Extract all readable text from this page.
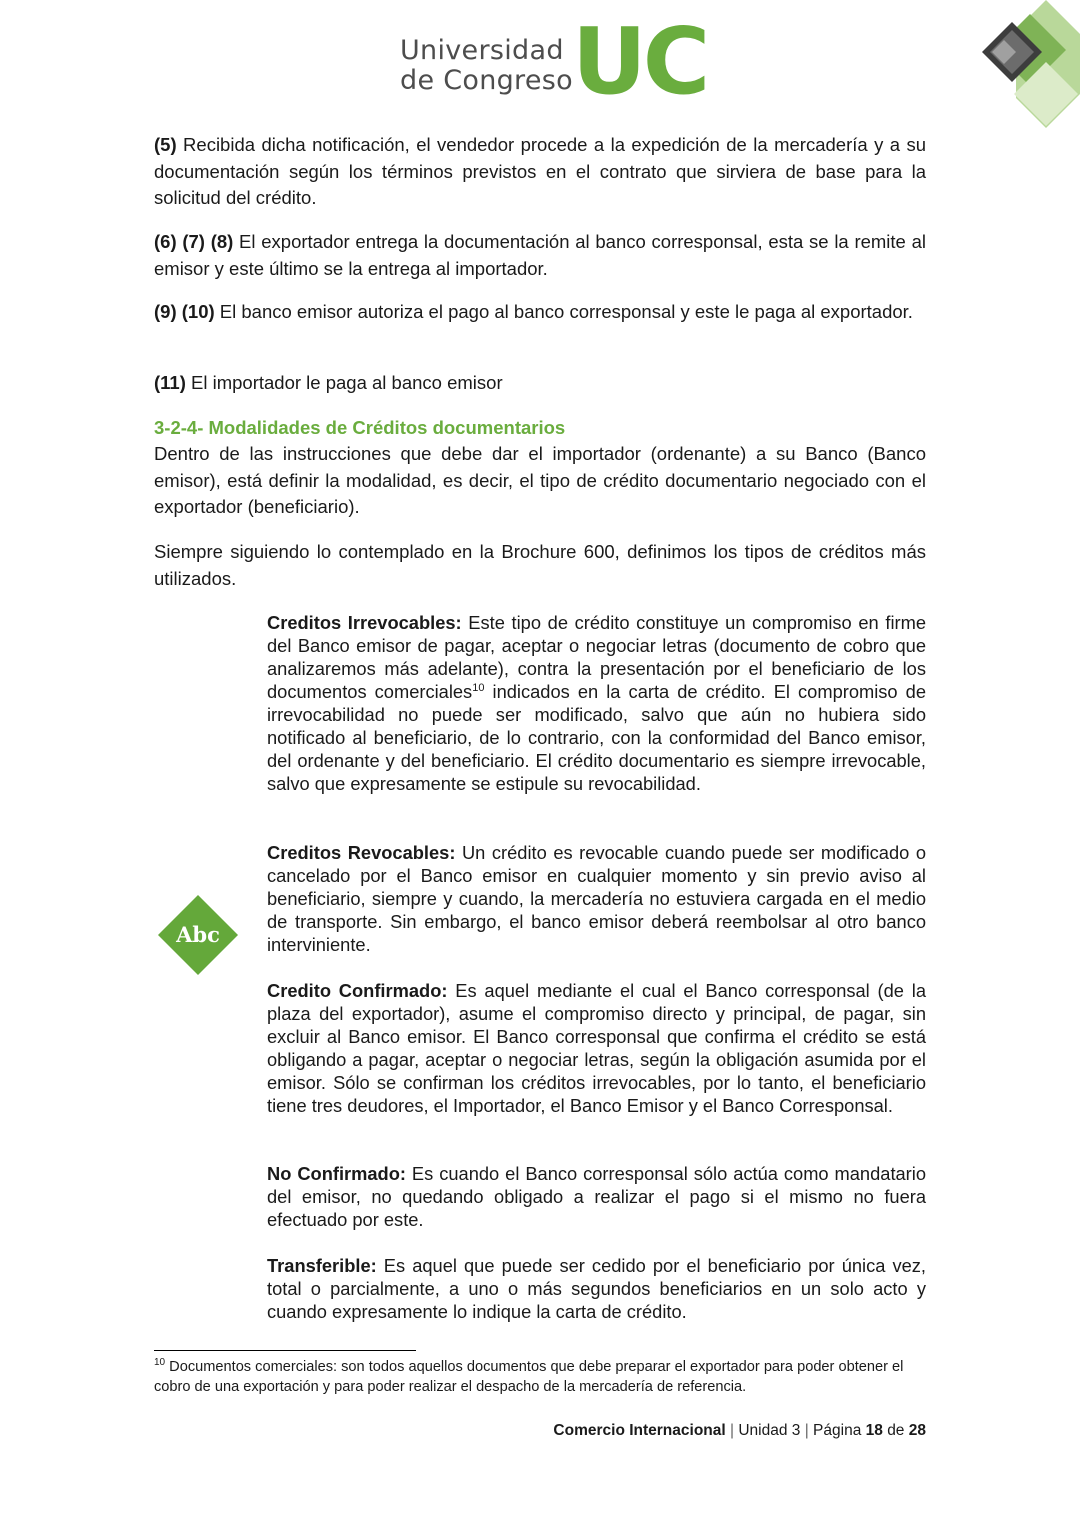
Universidad
de Congreso UC

(5) Recibida dicha notificación, el vendedor procede a la expedición de la mercadería y a su documentación según los términos previstos en el contrato que sirviera de base para la solicitud del crédito.

(6) (7) (8) El exportador entrega la documentación al banco corresponsal, esta se la remite al emisor y este último se la entrega al importador.

(9) (10) El banco emisor autoriza el pago al banco corresponsal y este le paga al exportador.

(11) El importador le paga al banco emisor

3-2-4- Modalidades de Créditos documentarios

Dentro de las instrucciones que debe dar el importador (ordenante) a su Banco (Banco emisor), está definir la modalidad, es decir, el tipo de crédito documentario negociado con el exportador (beneficiario).

Siempre siguiendo lo contemplado en la Brochure 600, definimos los tipos de créditos más utilizados.

Creditos Irrevocables: Este tipo de crédito constituye un compromiso en firme del Banco emisor de pagar, aceptar o negociar letras (documento de cobro que analizaremos más adelante), contra la presentación por el beneficiario de los documentos comerciales$^{10}$ indicados en la carta de crédito. El compromiso de irrevocabilidad no puede ser modificado, salvo que aún no hubiera sido notificado al beneficiario, de lo contrario, con la conformidad del Banco emisor, del ordenante y del beneficiario. El crédito documentario es siempre irrevocable, salvo que expresamente se estipule su revocabilidad.

Creditos Revocables: Un crédito es revocable cuando puede ser modificado o cancelado por el Banco emisor en cualquier momento y sin previo aviso al beneficiario, siempre y cuando, la mercadería no estuviera cargada en el medio de transporte. Sin embargo, el banco emisor deberá reembolsar al otro banco interviniente.

Abc

Credito Confirmado: Es aquel mediante el cual el Banco corresponsal (de la plaza del exportador), asume el compromiso directo y principal, de pagar, sin excluir al Banco emisor. El Banco corresponsal que confirma el crédito se está obligando a pagar, aceptar o negociar letras, según la obligación asumida por el emisor. Sólo se confirman los créditos irrevocables, por lo tanto, el beneficiario tiene tres deudores, el Importador, el Banco Emisor y el Banco Corresponsal.

No Confirmado: Es cuando el Banco corresponsal sólo actúa como mandatario del emisor, no quedando obligado a realizar el pago si el mismo no fuera efectuado por este.

Transferible: Es aquel que puede ser cedido por el beneficiario por única vez, total o parcialmente, a uno o más segundos beneficiarios en un solo acto y cuando expresamente lo indique la carta de crédito.

$^{10}$ Documentos comerciales: son todos aquellos documentos que debe preparar el exportador para poder obtener el cobro de una exportación y para poder realizar el despacho de la mercadería de referencia.
Comercio Internacional | Unidad 3 | Página 18 de 28
